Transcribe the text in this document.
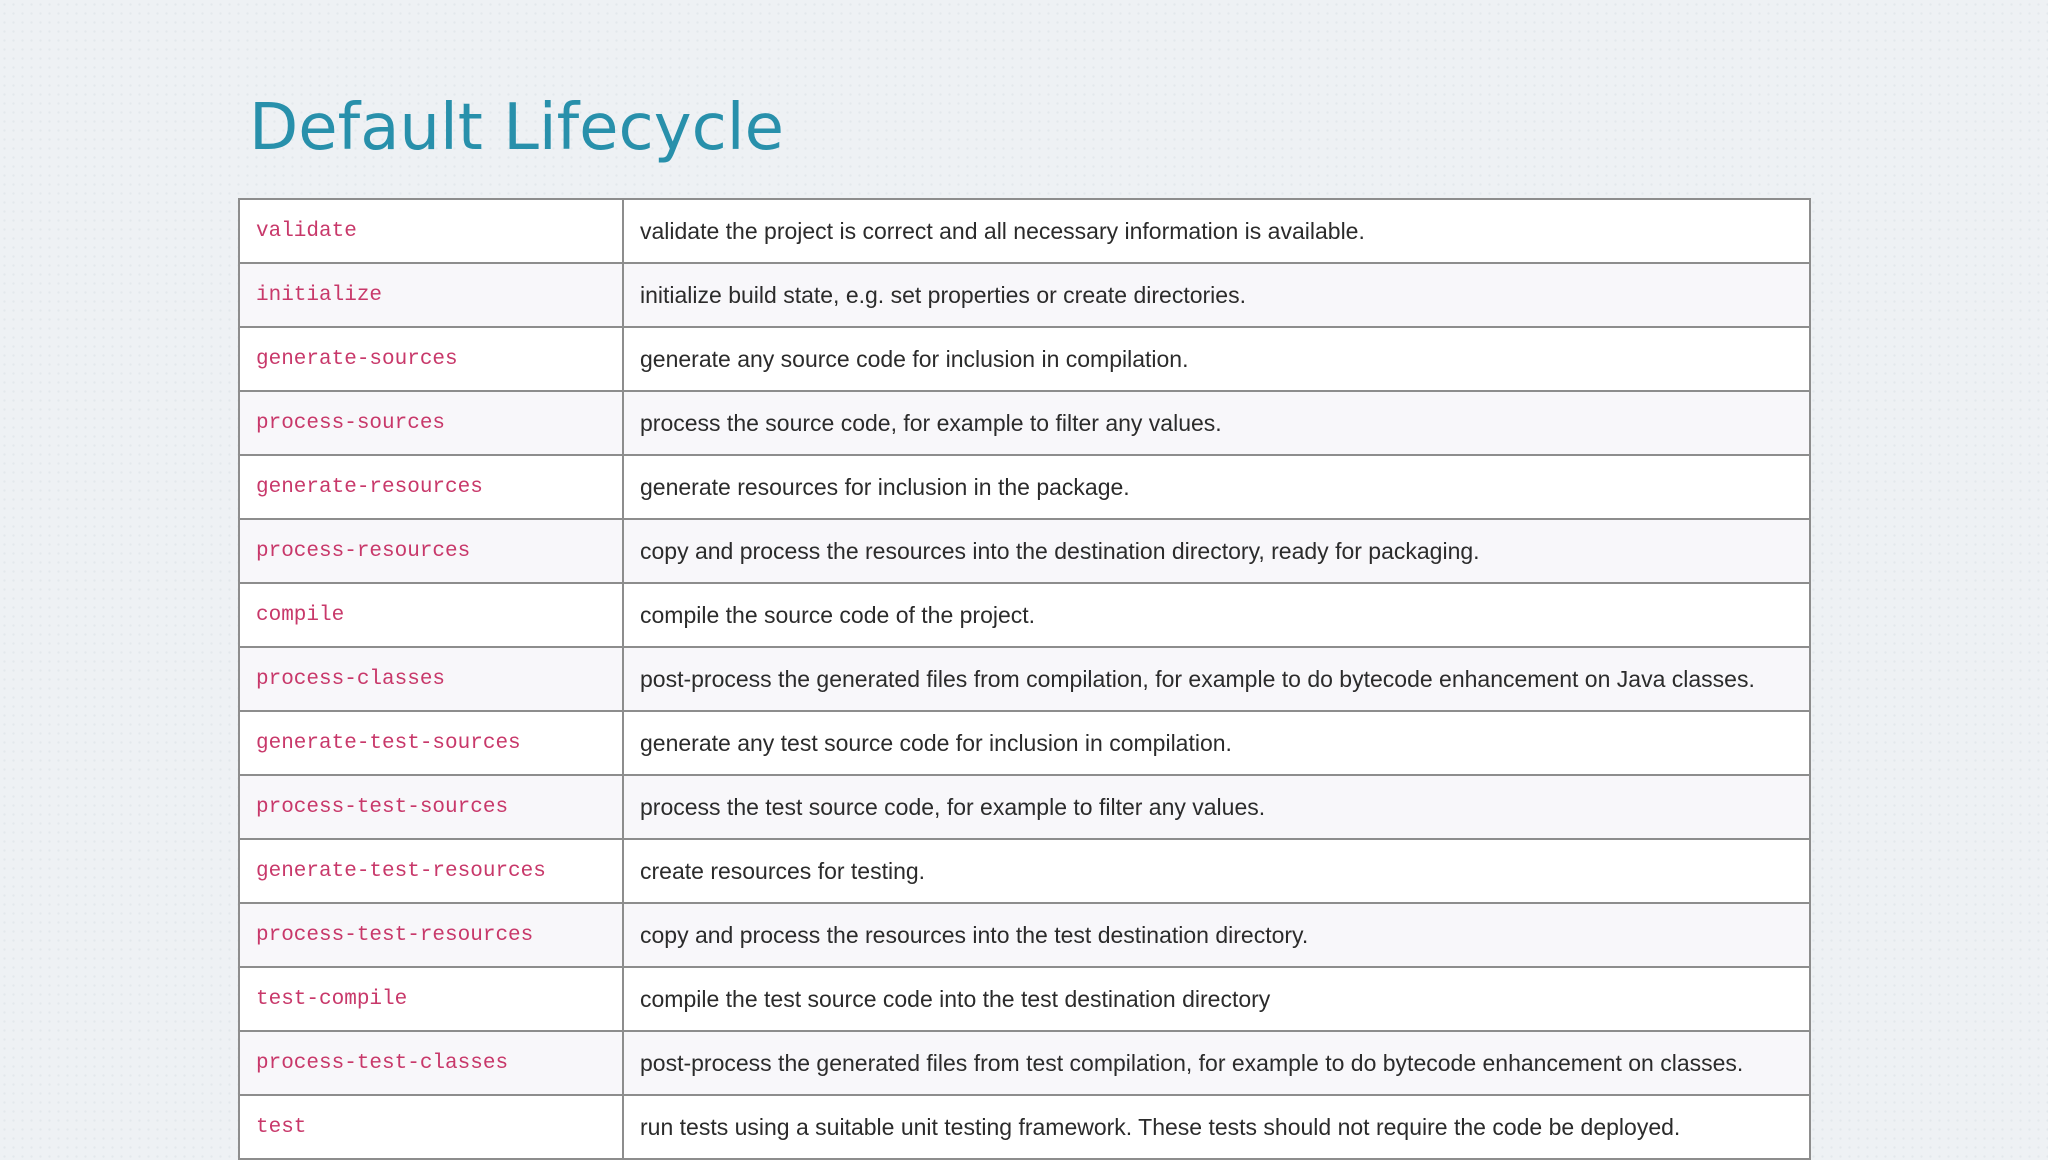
Default Lifecycle
validate	validate the project is correct and all necessary information is available.
initialize	initialize build state, e.g. set properties or create directories.
generate-sources	generate any source code for inclusion in compilation.
process-sources	process the source code, for example to filter any values.
generate-resources	generate resources for inclusion in the package.
process-resources	copy and process the resources into the destination directory, ready for packaging.
compile	compile the source code of the project.
process-classes	post-process the generated files from compilation, for example to do bytecode enhancement on Java classes.
generate-test-sources	generate any test source code for inclusion in compilation.
process-test-sources	process the test source code, for example to filter any values.
generate-test-resources	create resources for testing.
process-test-resources	copy and process the resources into the test destination directory.
test-compile	compile the test source code into the test destination directory
process-test-classes	post-process the generated files from test compilation, for example to do bytecode enhancement on classes.
test	run tests using a suitable unit testing framework. These tests should not require the code be deployed.
